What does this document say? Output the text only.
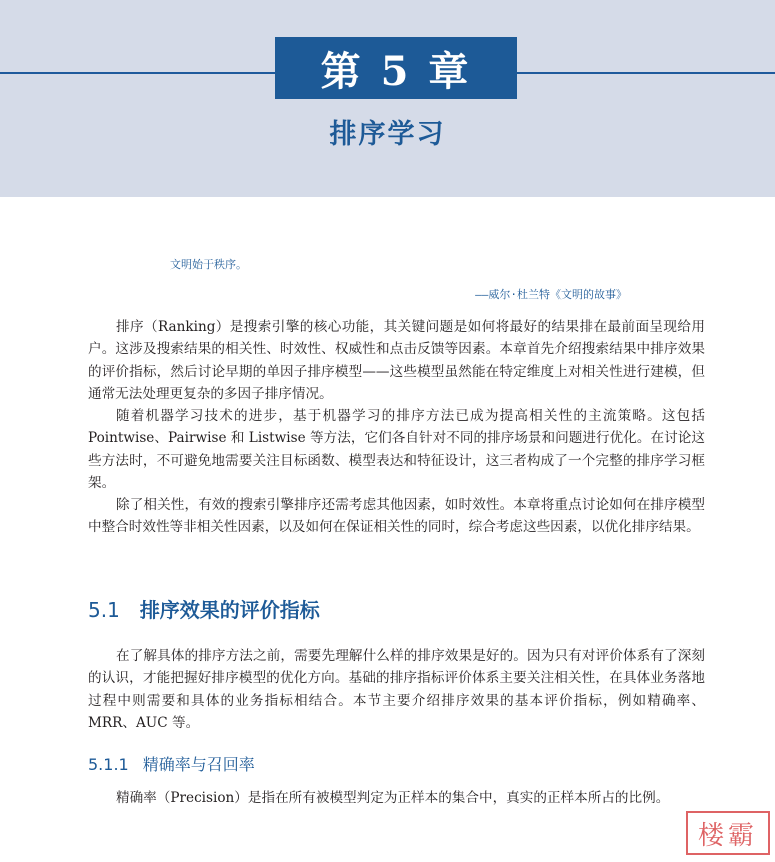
第 5 章
排序学习
文明始于秩序。
——威尔·杜兰特《文明的故事》

排序（Ranking）是搜索引擎的核心功能，其关键问题是如何将最好的结果排在最前面呈现给用户。这涉及搜索结果的相关性、时效性、权威性和点击反馈等因素。本章首先介绍搜索结果中排序效果的评价指标，然后讨论早期的单因子排序模型——这些模型虽然能在特定维度上对相关性进行建模，但通常无法处理更复杂的多因子排序情况。

随着机器学习技术的进步，基于机器学习的排序方法已成为提高相关性的主流策略。这包括 Pointwise、Pairwise 和 Listwise 等方法，它们各自针对不同的排序场景和问题进行优化。在讨论这些方法时，不可避免地需要关注目标函数、模型表达和特征设计，这三者构成了一个完整的排序学习框架。

除了相关性，有效的搜索引擎排序还需考虑其他因素，如时效性。本章将重点讨论如何在排序模型中整合时效性等非相关性因素，以及如何在保证相关性的同时，综合考虑这些因素，以优化排序结果。

5.1 排序效果的评价指标

在了解具体的排序方法之前，需要先理解什么样的排序效果是好的。因为只有对评价体系有了深刻的认识，才能把握好排序模型的优化方向。基础的排序指标评价体系主要关注相关性，在具体业务落地过程中则需要和具体的业务指标相结合。本节主要介绍排序效果的基本评价指标，例如精确率、MRR、AUC 等。

5.1.1 精确率与召回率

精确率（Precision）是指在所有被模型判定为正样本的集合中，真实的正样本所占的比例。

楼霸
